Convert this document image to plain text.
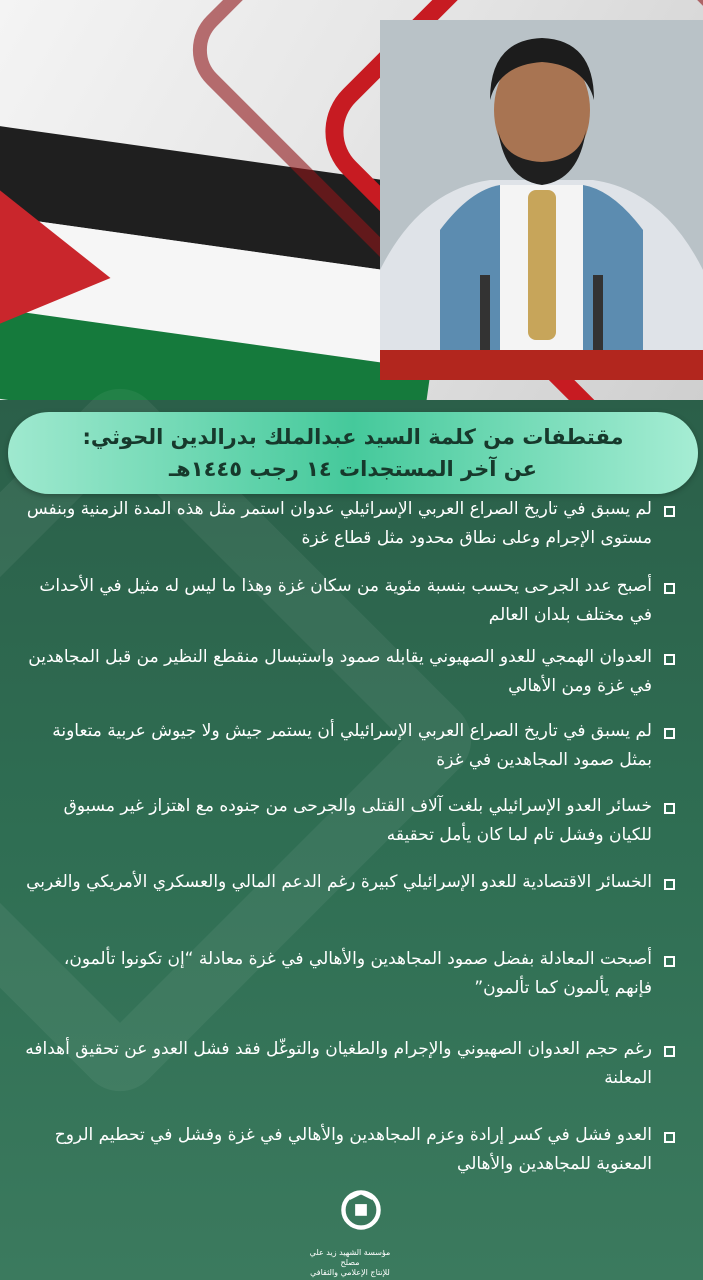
مقتطفات من كلمة السيد عبدالملك بدرالدين الحوثي:
عن آخر المستجدات ١٤ رجب ١٤٤٥هـ
لم يسبق في تاريخ الصراع العربي الإسرائيلي عدوان استمر مثل هذه المدة الزمنية وبنفس مستوى الإجرام وعلى نطاق محدود مثل قطاع غزة
أصبح عدد الجرحى يحسب بنسبة مئوية من سكان غزة وهذا ما ليس له مثيل في الأحداث في مختلف بلدان العالم
العدوان الهمجي للعدو الصهيوني يقابله صمود واستبسال منقطع النظير من قبل المجاهدين في غزة ومن الأهالي
لم يسبق في تاريخ الصراع العربي الإسرائيلي أن يستمر جيش ولا جيوش عربية متعاونة بمثل صمود المجاهدين في غزة
خسائر العدو الإسرائيلي بلغت آلاف القتلى والجرحى من جنوده مع اهتزاز غير مسبوق للكيان وفشل تام لما كان يأمل تحقيقه
الخسائر الاقتصادية للعدو الإسرائيلي كبيرة رغم الدعم المالي والعسكري الأمريكي والغربي
أصبحت المعادلة بفضل صمود المجاهدين والأهالي في غزة معادلة “إن تكونوا تألمون، فإنهم يألمون كما تألمون”
رغم حجم العدوان الصهيوني والإجرام والطغيان والتوغّل فقد فشل العدو عن تحقيق أهدافه المعلنة
العدو فشل في كسر إرادة وعزم المجاهدين والأهالي في غزة وفشل في تحطيم الروح المعنوية للمجاهدين والأهالي
مؤسسة الشهيد زيد علي مصلح
للإنتاج الإعلامي والثقافي
